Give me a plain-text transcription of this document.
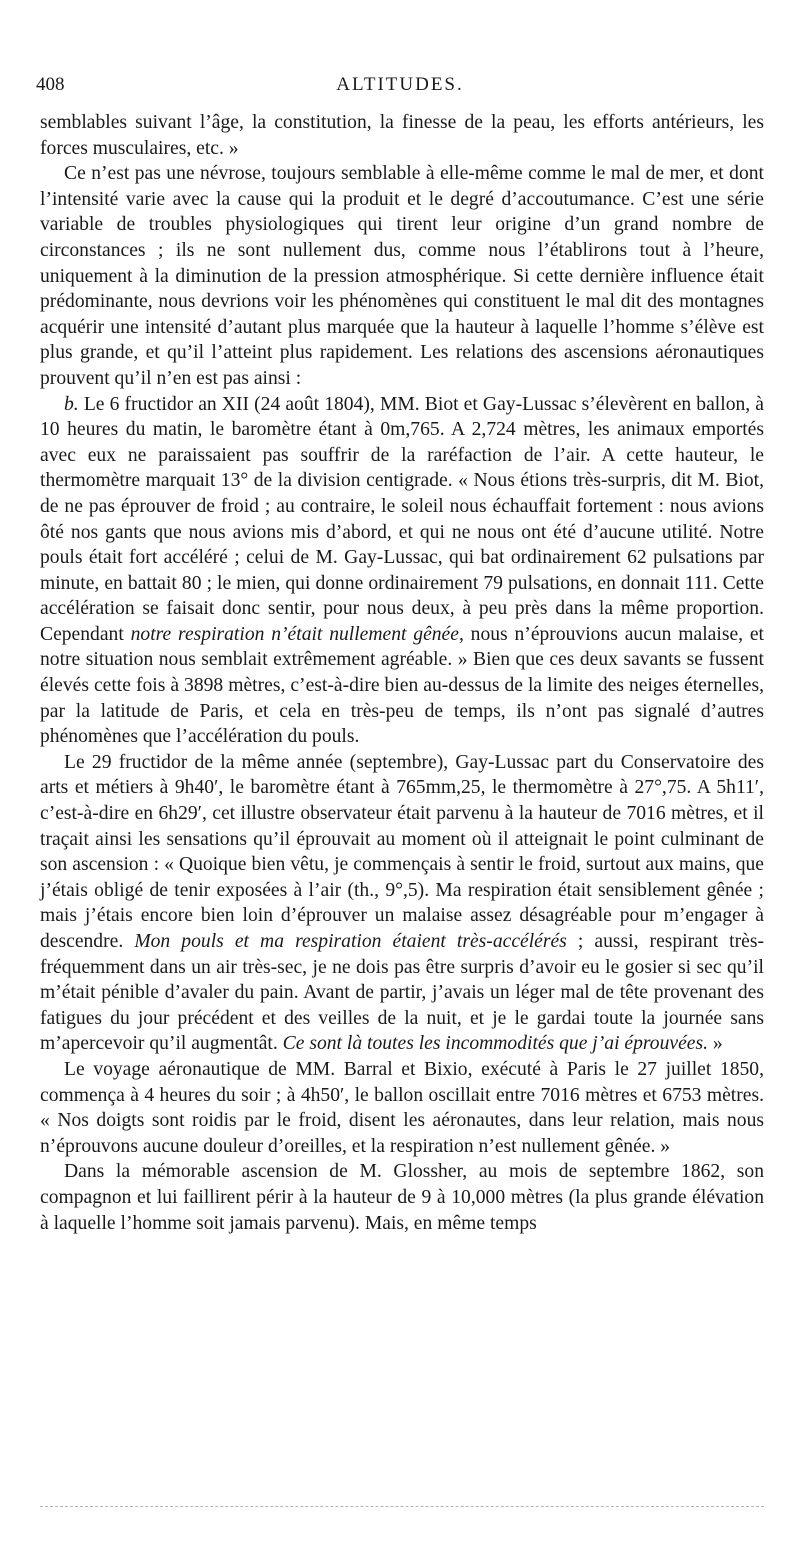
408	ALTITUDES.

semblables suivant l’âge, la constitution, la finesse de la peau, les efforts antérieurs, les forces musculaires, etc. »

Ce n’est pas une névrose, toujours semblable à elle-même comme le mal de mer, et dont l’intensité varie avec la cause qui la produit et le degré d’accoutumance. C’est une série variable de troubles physiologiques qui tirent leur origine d’un grand nombre de circonstances ; ils ne sont nullement dus, comme nous l’établirons tout à l’heure, uniquement à la diminution de la pression atmosphérique. Si cette dernière influence était prédominante, nous devrions voir les phénomènes qui constituent le mal dit des montagnes acquérir une intensité d’autant plus marquée que la hauteur à laquelle l’homme s’élève est plus grande, et qu’il l’atteint plus rapidement. Les relations des ascensions aéronautiques prouvent qu’il n’en est pas ainsi :

b. Le 6 fructidor an XII (24 août 1804), MM. Biot et Gay-Lussac s’élevèrent en ballon, à 10 heures du matin, le baromètre étant à 0m,765. A 2,724 mètres, les animaux emportés avec eux ne paraissaient pas souffrir de la raréfaction de l’air. A cette hauteur, le thermomètre marquait 13° de la division centigrade. « Nous étions très-surpris, dit M. Biot, de ne pas éprouver de froid ; au contraire, le soleil nous échauffait fortement : nous avions ôté nos gants que nous avions mis d’abord, et qui ne nous ont été d’aucune utilité. Notre pouls était fort accéléré ; celui de M. Gay-Lussac, qui bat ordinairement 62 pulsations par minute, en battait 80 ; le mien, qui donne ordinairement 79 pulsations, en donnait 111. Cette accélération se faisait donc sentir, pour nous deux, à peu près dans la même proportion. Cependant notre respiration n’était nullement gênée, nous n’éprouvions aucun malaise, et notre situation nous semblait extrêmement agréable. » Bien que ces deux savants se fussent élevés cette fois à 3898 mètres, c’est-à-dire bien au-dessus de la limite des neiges éternelles, par la latitude de Paris, et cela en très-peu de temps, ils n’ont pas signalé d’autres phénomènes que l’accélération du pouls.

Le 29 fructidor de la même année (septembre), Gay-Lussac part du Conservatoire des arts et métiers à 9h40′, le baromètre étant à 765mm,25, le thermomètre à 27°,75. A 5h11′, c’est-à-dire en 6h29′, cet illustre observateur était parvenu à la hauteur de 7016 mètres, et il traçait ainsi les sensations qu’il éprouvait au moment où il atteignait le point culminant de son ascension : « Quoique bien vêtu, je commençais à sentir le froid, surtout aux mains, que j’étais obligé de tenir exposées à l’air (th., 9°,5). Ma respiration était sensiblement gênée ; mais j’étais encore bien loin d’éprouver un malaise assez désagréable pour m’engager à descendre. Mon pouls et ma respiration étaient très-accélérés ; aussi, respirant très-fréquemment dans un air très-sec, je ne dois pas être surpris d’avoir eu le gosier si sec qu’il m’était pénible d’avaler du pain. Avant de partir, j’avais un léger mal de tête provenant des fatigues du jour précédent et des veilles de la nuit, et je le gardai toute la journée sans m’apercevoir qu’il augmentât. Ce sont là toutes les incommodités que j’ai éprouvées. »

Le voyage aéronautique de MM. Barral et Bixio, exécuté à Paris le 27 juillet 1850, commença à 4 heures du soir ; à 4h50′, le ballon oscillait entre 7016 mètres et 6753 mètres. « Nos doigts sont roidis par le froid, disent les aéronautes, dans leur relation, mais nous n’éprouvons aucune douleur d’oreilles, et la respiration n’est nullement gênée. »

Dans la mémorable ascension de M. Glossher, au mois de septembre 1862, son compagnon et lui faillirent périr à la hauteur de 9 à 10,000 mètres (la plus grande élévation à laquelle l’homme soit jamais parvenu). Mais, en même temps
